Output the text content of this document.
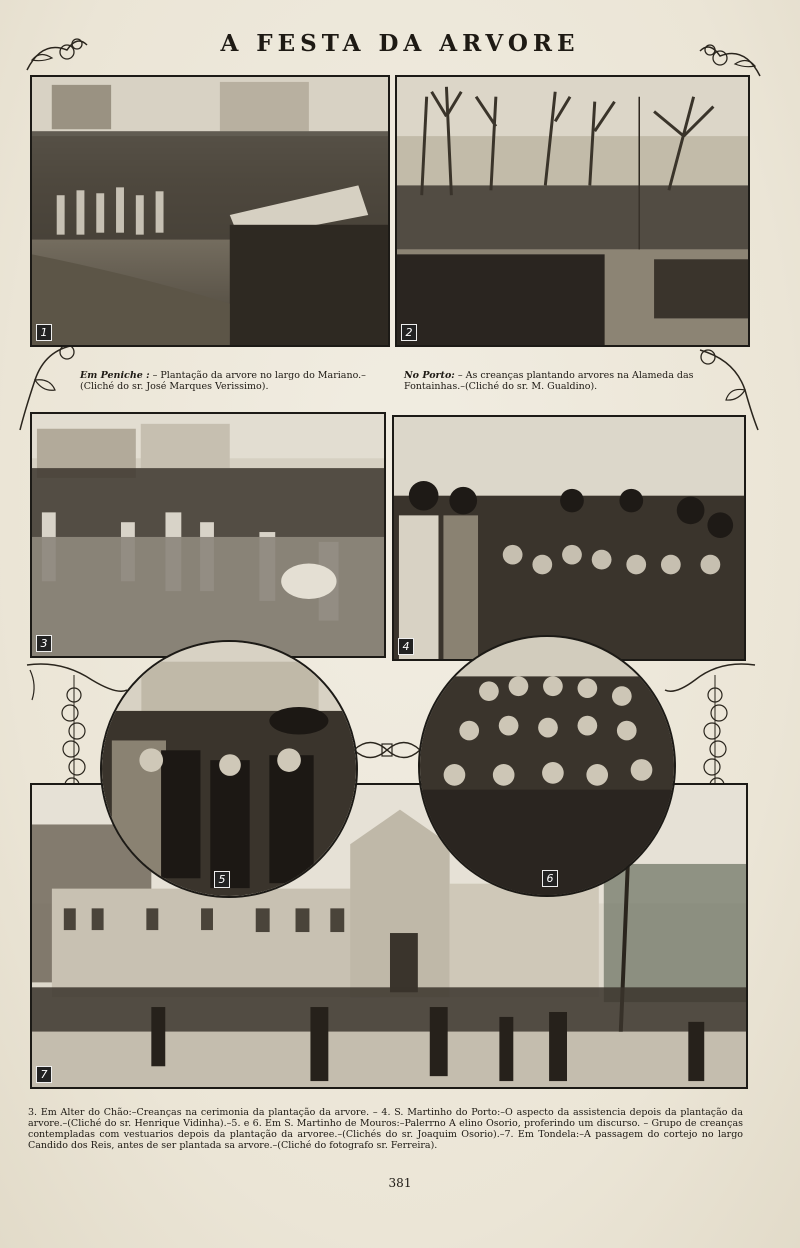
A FESTA DA ARVORE
1	2
Em Peniche : – Plantação da arvore no largo do Mariano.–(Cliché do sr. José Marques Verissimo).
No Porto: – As creanças plantando arvores na Alameda das Fontainhas.–(Cliché do sr. M. Gualdino).
3	4
7
5	6
3. Em Alter do Chão:–Creanças na cerimonia da plantação da arvore. – 4. S. Martinho do Porto:–O aspecto da assistencia depois da plantação da arvore.–(Cliché do sr. Henrique Vidinha).–5. e 6. Em S. Martinho de Mouros:–Palerrno A elino Osorio, proferindo um discurso. – Grupo de creanças contempladas com vestuarios depois da plantação da arvoree.–(Clichés do sr. Joaquim Osorio).–7. Em Tondela:–A passagem do cortejo no largo Candido dos Reis, antes de ser plantada sa arvore.–(Cliché do fotografo sr. Ferreira).
381
